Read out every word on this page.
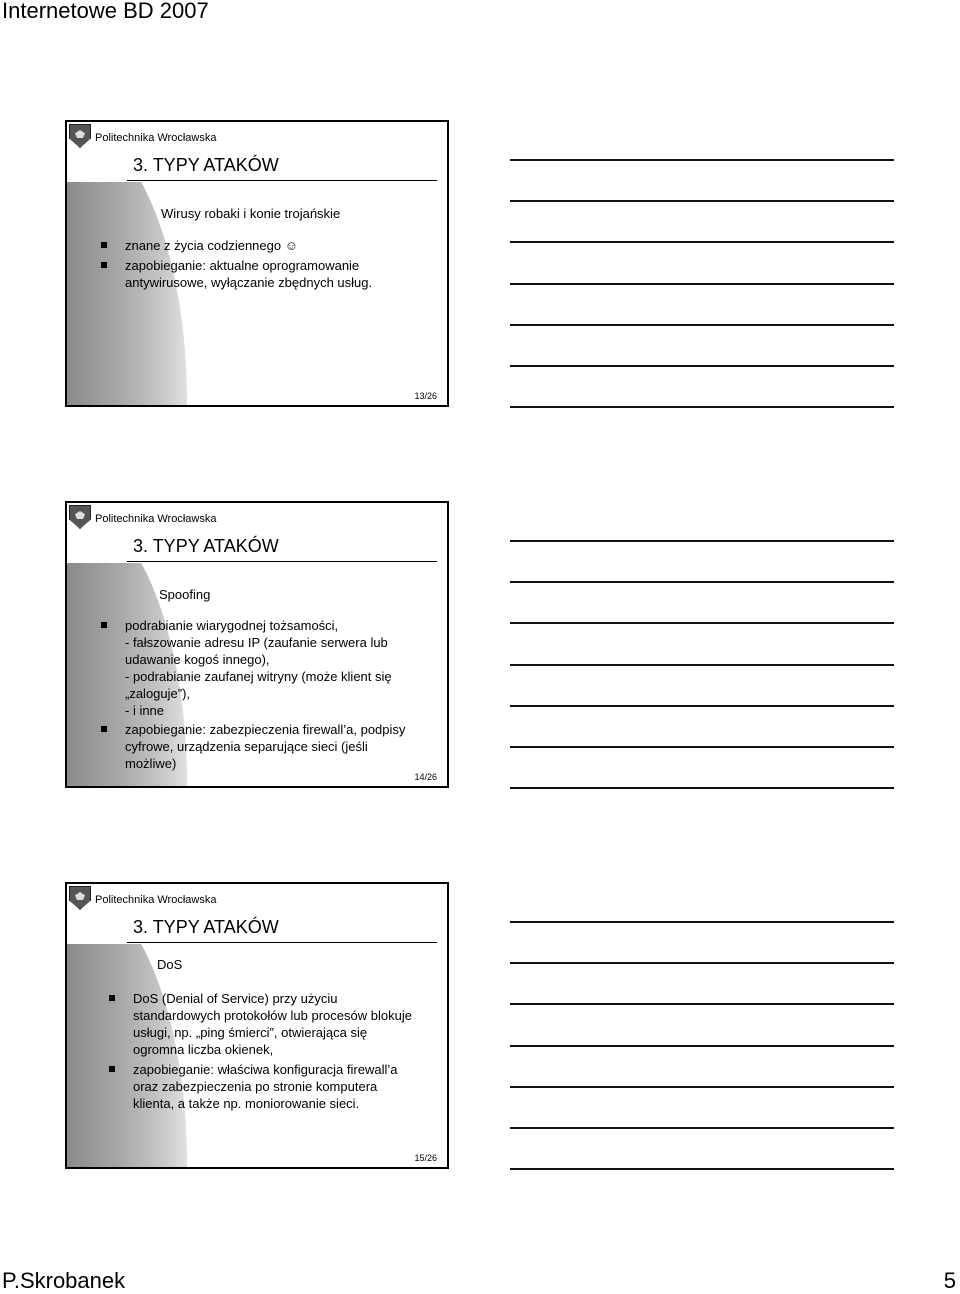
Internetowe BD 2007
Politechnika Wrocławska
3. TYPY ATAKÓW
Wirusy robaki i konie trojańskie
znane z życia codziennego ☺
zapobieganie: aktualne oprogramowanie
antywirusowe, wyłączanie zbędnych usług.
13/26
Politechnika Wrocławska
3. TYPY ATAKÓW
Spoofing
podrabianie wiarygodnej tożsamości,
- fałszowanie adresu IP (zaufanie serwera lub
udawanie kogoś innego),
- podrabianie zaufanej witryny (może klient się
„zaloguje”),
- i inne
zapobieganie: zabezpieczenia firewall’a, podpisy
cyfrowe, urządzenia separujące sieci (jeśli
możliwe)
14/26
Politechnika Wrocławska
3. TYPY ATAKÓW
DoS
DoS (Denial of Service) przy użyciu
standardowych protokołów lub procesów blokuje
usługi, np. „ping śmierci”, otwierająca się
ogromna liczba okienek,
zapobieganie: właściwa konfiguracja firewall’a
oraz zabezpieczenia po stronie komputera
klienta, a także np. moniorowanie sieci.
15/26
P.Skrobanek	5
